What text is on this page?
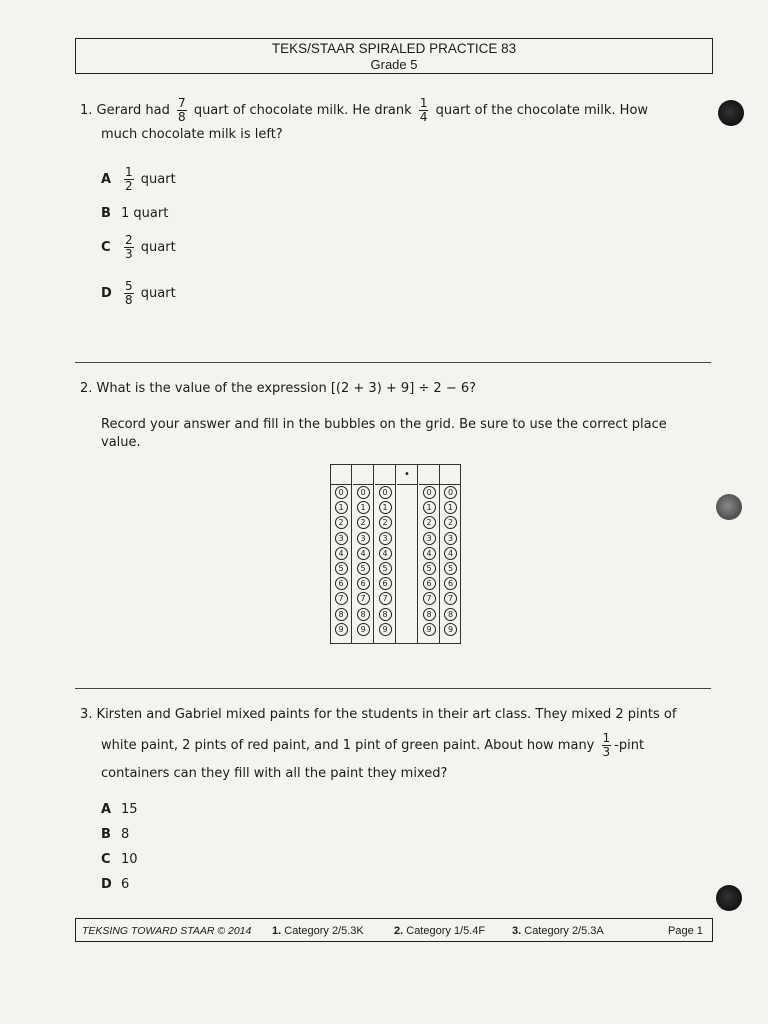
TEKS/STAAR SPIRALED PRACTICE 83
Grade 5
1. Gerard had $\frac{7}{8}$ quart of chocolate milk. He drank $\frac{1}{4}$ quart of the chocolate milk. How
much chocolate milk is left?
A $\frac{1}{2}$ quart
B 1 quart
C $\frac{2}{3}$ quart
D $\frac{5}{8}$ quart
2. What is the value of the expression [(2 + 3) + 9] ÷ 2 − 6?
Record your answer and fill in the bubbles on the grid. Be sure to use the correct place
value.
0
1
2
3
4
5
6
7
8
9
0
1
2
3
4
5
6
7
8
9
0
1
2
3
4
5
6
7
8
9
•
0
1
2
3
4
5
6
7
8
9
0
1
2
3
4
5
6
7
8
9
3. Kirsten and Gabriel mixed paints for the students in their art class. They mixed 2 pints of
white paint, 2 pints of red paint, and 1 pint of green paint. About how many $\frac{1}{3}$ -pint
containers can they fill with all the paint they mixed?
A 15
B 8
C 10
D 6
TEKSING TOWARD STAAR © 2014 1. Category 2/5.3K	2. Category 1/5.4F 3. Category 2/5.3A	Page 1
